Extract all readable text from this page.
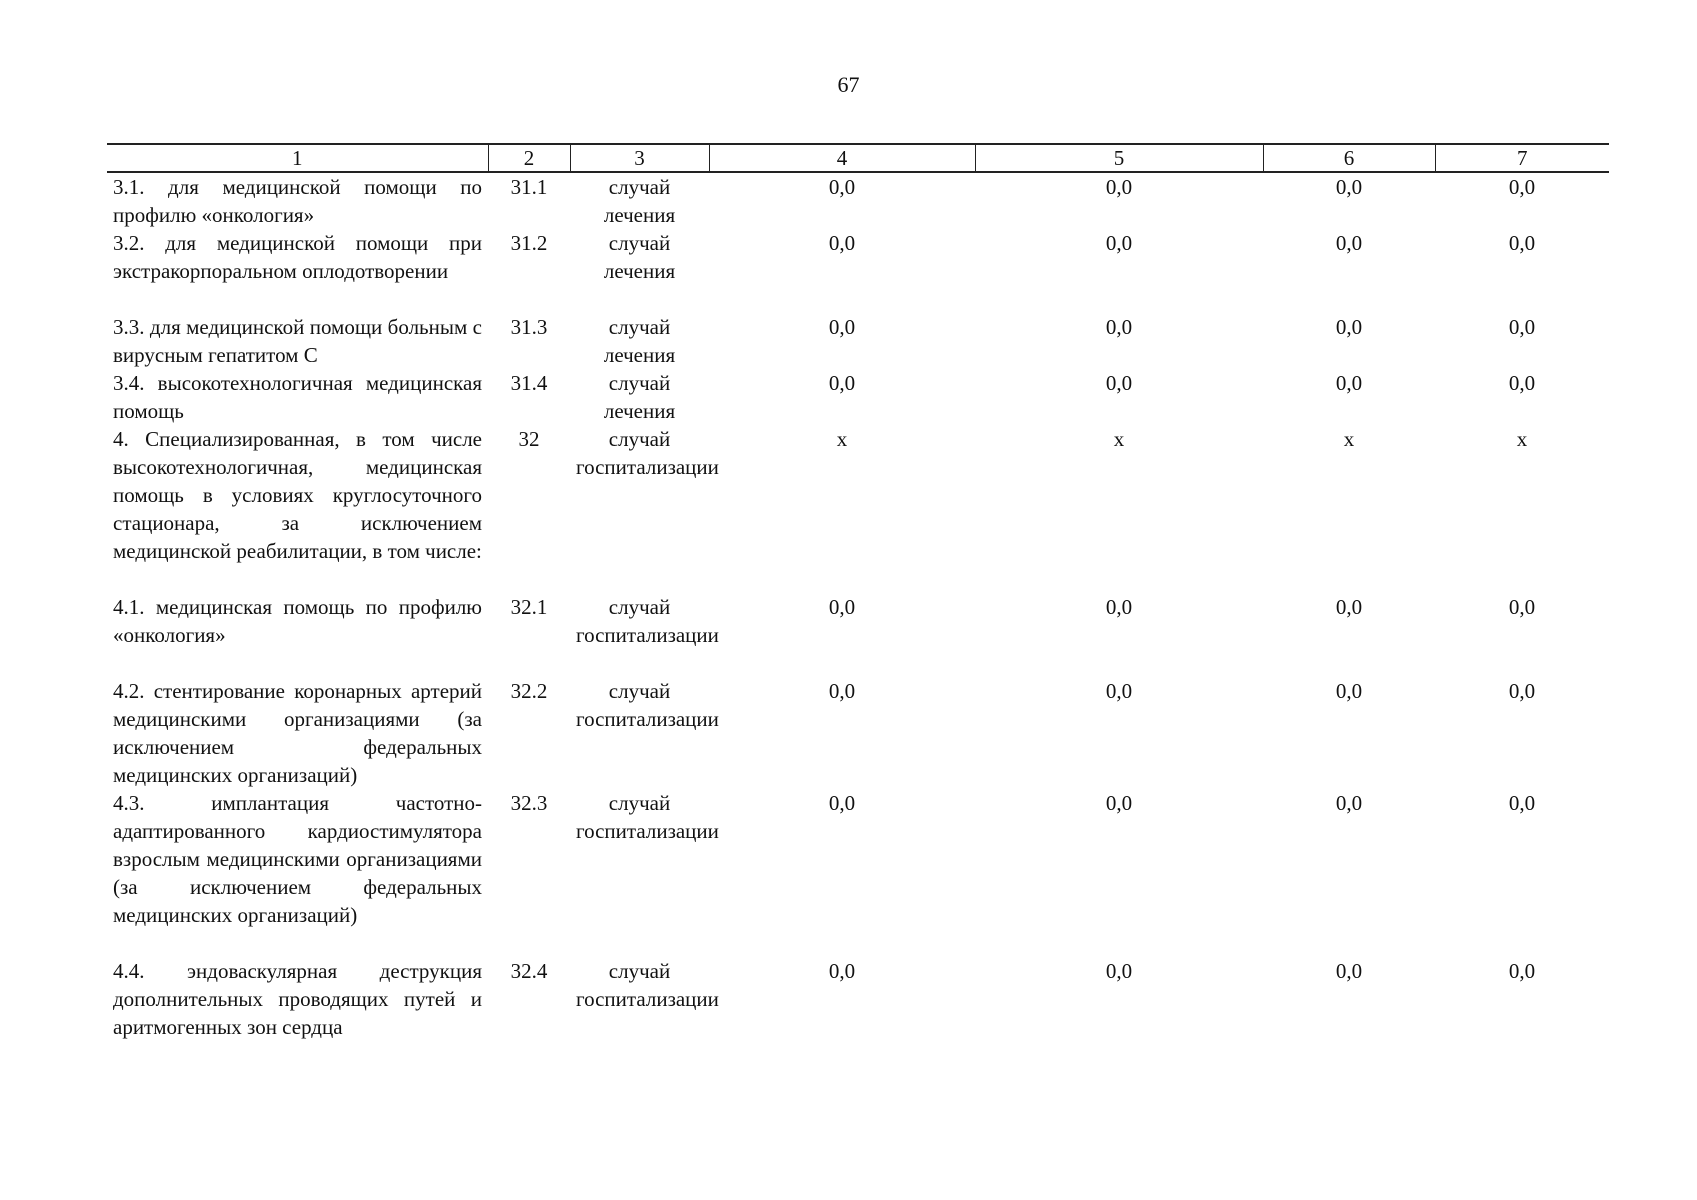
67
1	2	3	4	5	6	7
3.1. для медицинской помощи по профилю «онкология»	31.1	случай лечения	0,0	0,0	0,0	0,0
3.2. для медицинской помощи при экстракорпоральном оплодотворении	31.2	случай лечения	0,0	0,0	0,0	0,0
3.3. для медицинской помощи больным с вирусным гепатитом С	31.3	случай лечения	0,0	0,0	0,0	0,0
3.4. высокотехнологичная медицинская помощь	31.4	случай лечения	0,0	0,0	0,0	0,0
4. Специализированная, в том числе высокотехнологичная, медицинская помощь в условиях круглосуточного стационара, за исключением медицинской реабилитации, в том числе:	32	случай госпитализации	х	х	х	х
4.1. медицинская помощь по профилю «онкология»	32.1	случай госпитализации	0,0	0,0	0,0	0,0
4.2. стентирование коронарных артерий медицинскими организациями (за исключением федеральных медицинских организаций)	32.2	случай госпитализации	0,0	0,0	0,0	0,0
4.3. имплантация частотно-адаптированного кардиостимулятора взрослым медицинскими организациями (за исключением федеральных медицинских организаций)	32.3	случай госпитализации	0,0	0,0	0,0	0,0
4.4. эндоваскулярная деструкция дополнительных проводящих путей и аритмогенных зон сердца	32.4	случай госпитализации	0,0	0,0	0,0	0,0
